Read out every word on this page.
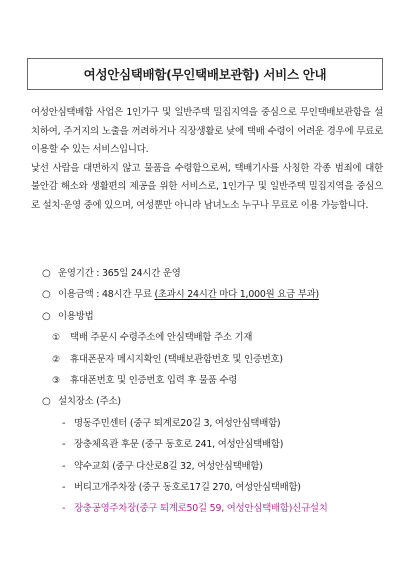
여성안심택배함(무인택배보관함) 서비스 안내

여성안심택배함 사업은 1인가구 및 일반주택 밀집지역을 중심으로 무인택배보관함을 설치하여, 주거지의 노출을 꺼려하거나 직장생활로 낮에 택배 수령이 어려운 경우에 무료로 이용할 수 있는 서비스입니다.

낯선 사람을 대면하지 않고 물품을 수령함으로써, 택배기사를 사칭한 각종 범죄에 대한 불안감 해소와 생활편의 제공을 위한 서비스로, 1인가구 및 일반주택 밀집지역을 중심으로 설치·운영 중에 있으며, 여성뿐만 아니라 남녀노소 누구나 무료로 이용 가능합니다.

○ 운영기간 : 365일 24시간 운영
○ 이용금액 : 48시간 무료 (초과시 24시간 마다 1,000원 요금 부과)
○ 이용방법
① 택배 주문시 수령주소에 안심택배함 주소 기재
② 휴대폰문자 메시지확인 (택배보관함번호 및 인증번호)
③ 휴대폰번호 및 인증번호 입력 후 물품 수령
○ 설치장소 (주소)
- 명동주민센터 (중구 퇴계로20길 3, 여성안심택배함)
- 장충체육관 후문 (중구 동호로 241, 여성안심택배함)
- 약수교회 (중구 다산로8길 32, 여성안심택배함)
- 버티고개주차장 (중구 동호로17길 270, 여성안심택배함)
- 장충공영주차장(중구 퇴계로50길 59, 여성안심택배함)신규설치
